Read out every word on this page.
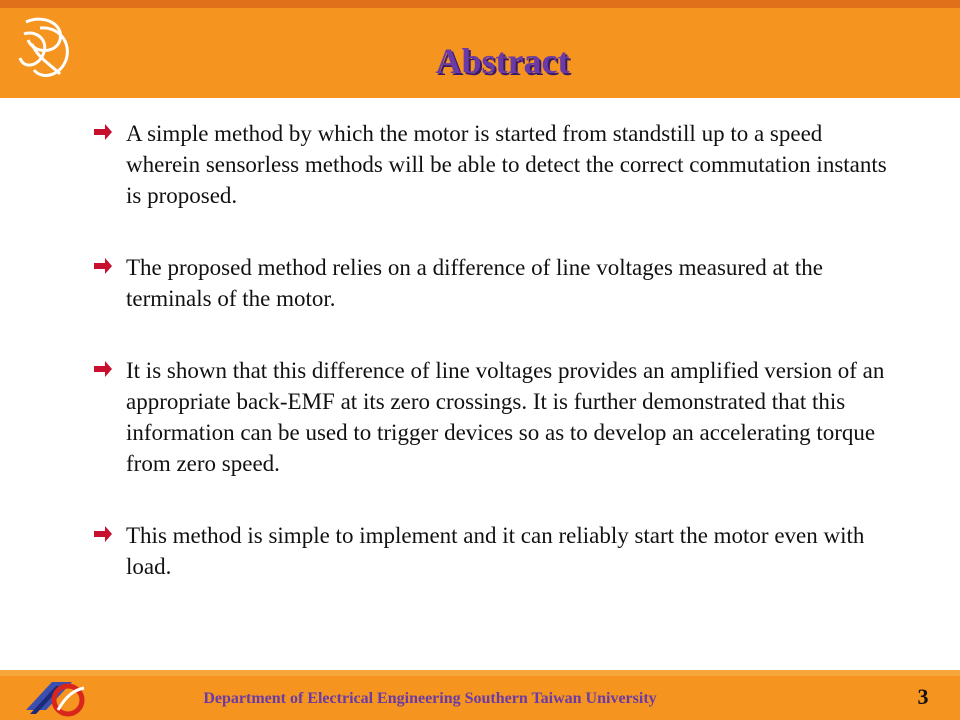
Abstract
A simple method by which the motor is started from standstill up to a speed wherein sensorless methods will be able to detect the correct commutation instants is proposed.
The proposed method relies on a difference of line voltages measured at the terminals of the motor.
It is shown that this difference of line voltages provides an amplified version of an appropriate back-EMF at its zero crossings. It is further demonstrated that this information can be used to trigger devices so as to develop an accelerating torque from zero speed.
This method is simple to implement and it can reliably start the motor even with load.
Department of Electrical Engineering Southern Taiwan University	3
